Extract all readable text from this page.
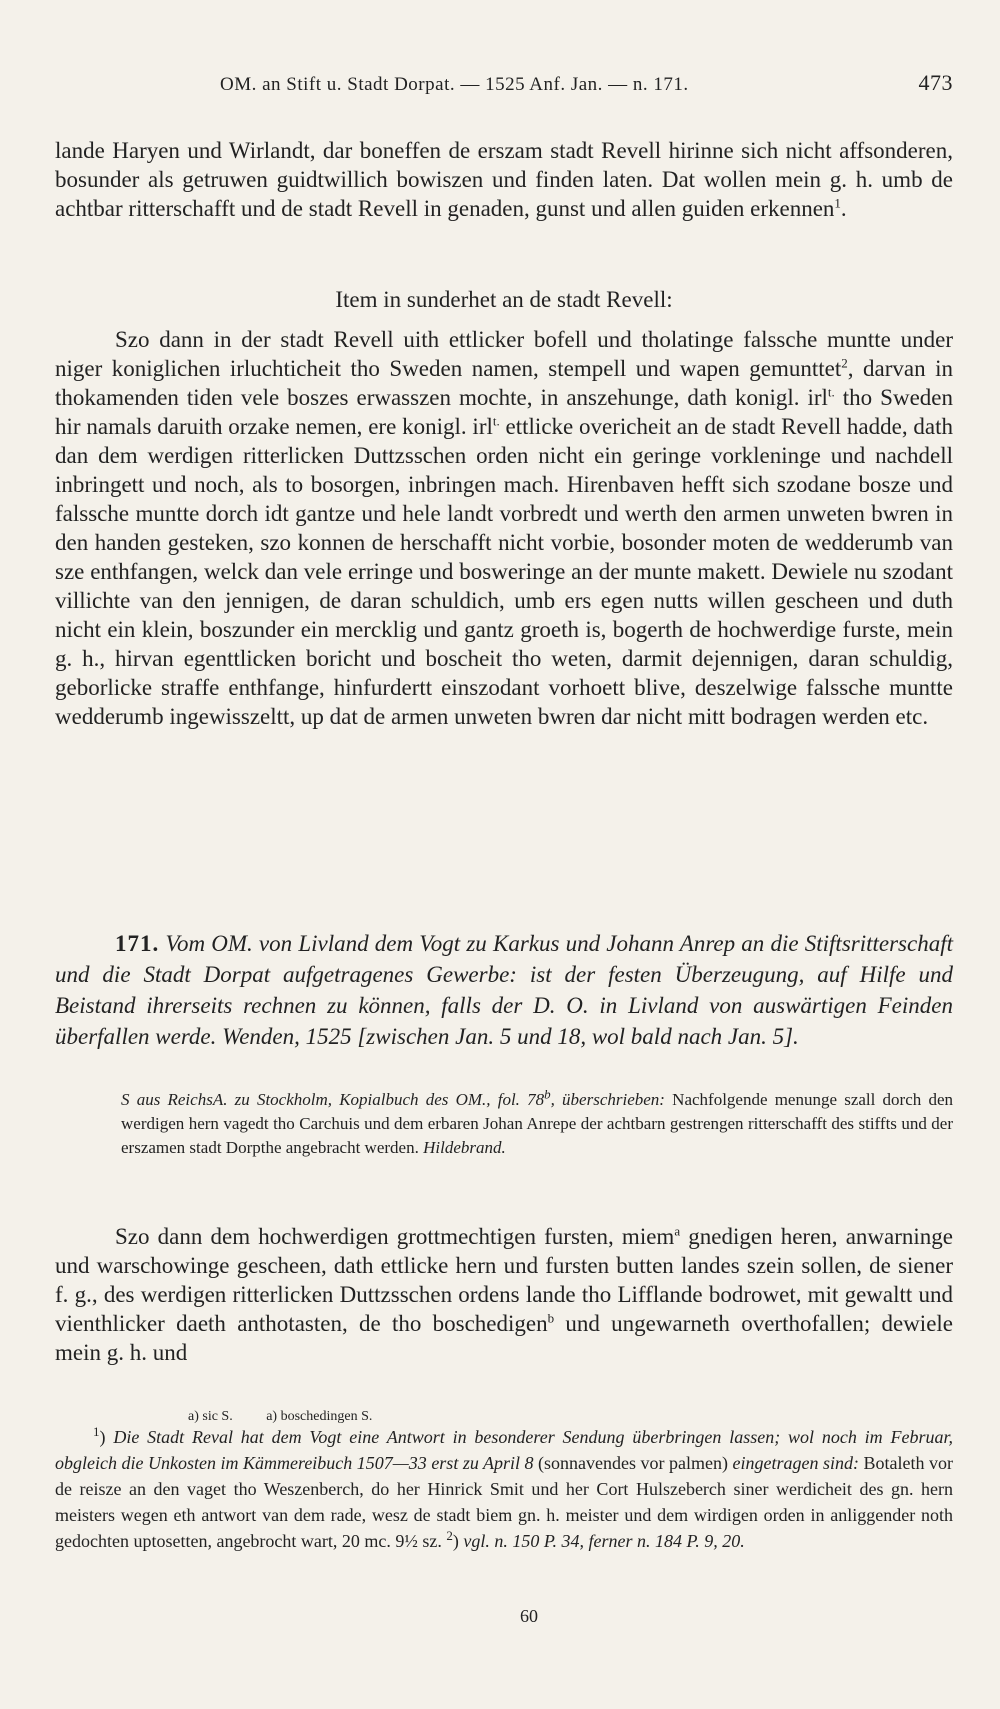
OM. an Stift u. Stadt Dorpat. — 1525 Anf. Jan. — n. 171.	473

lande Haryen und Wirlandt, dar boneffen de erszam stadt Revell hirinne sich nicht affsonderen, bosunder als getruwen guidtwillich bowiszen und finden laten. Dat wollen mein g. h. umb de achtbar ritterschafft und de stadt Revell in genaden, gunst und allen guiden erkennen$^1$.

Item in sunderhet an de stadt Revell:

Szo dann in der stadt Revell uith ettlicker bofell und tholatinge falssche muntte under niger koniglichen irluchticheit tho Sweden namen, stempell und wapen gemunttet$^2$, darvan in thokamenden tiden vele boszes erwasszen mochte, in anszehunge, dath konigl. irl$^{t.}$ tho Sweden hir namals daruith orzake nemen, ere konigl. irl$^{t.}$ ettlicke overicheit an de stadt Revell hadde, dath dan dem werdigen ritterlicken Duttzsschen orden nicht ein geringe vorkleninge und nachdell inbringett und noch, als to bosorgen, inbringen mach. Hirenbaven hefft sich szodane bosze und falssche muntte dorch idt gantze und hele landt vorbredt und werth den armen unweten bwren in den handen gesteken, szo konnen de herschafft nicht vorbie, bosonder moten de wedderumb van sze enthfangen, welck dan vele erringe und bosweringe an der munte makett. Dewiele nu szodant villichte van den jennigen, de daran schuldich, umb ers egen nutts willen gescheen und duth nicht ein klein, boszunder ein mercklig und gantz groeth is, bogerth de hochwerdige furste, mein g. h., hirvan egenttlicken boricht und boscheit tho weten, darmit dejennigen, daran schuldig, geborlicke straffe enthfange, hinfurdertt einszodant vorhoett blive, deszelwige falssche muntte wedderumb ingewisszeltt, up dat de armen unweten bwren dar nicht mitt bodragen werden etc.

171. Vom OM. von Livland dem Vogt zu Karkus und Johann Anrep an die Stiftsritterschaft und die Stadt Dorpat aufgetragenes Gewerbe: ist der festen Überzeugung, auf Hilfe und Beistand ihrerseits rechnen zu können, falls der D. O. in Livland von auswärtigen Feinden überfallen werde. Wenden, 1525 [zwischen Jan. 5 und 18, wol bald nach Jan. 5].

S aus ReichsA. zu Stockholm, Kopialbuch des OM., fol. 78$^b$, überschrieben: Nachfolgende menunge szall dorch den werdigen hern vagedt tho Carchuis und dem erbaren Johan Anrepe der achtbarn gestrengen ritterschafft des stiffts und der erszamen stadt Dorpthe angebracht werden. Hildebrand.

Szo dann dem hochwerdigen grottmechtigen fursten, miem$^a$ gnedigen heren, anwarninge und warschowinge gescheen, dath ettlicke hern und fursten butten landes szein sollen, de siener f. g., des werdigen ritterlicken Duttzsschen ordens lande tho Lifflande bodrowet, mit gewaltt und vienthlicker daeth anthotasten, de tho boschedigen$^b$ und ungewarneth overthofallen; dewiele mein g. h. und

a) sic S. a) boschedingen S.

$^1$) Die Stadt Reval hat dem Vogt eine Antwort in besonderer Sendung überbringen lassen; wol noch im Februar, obgleich die Unkosten im Kämmereibuch 1507—33 erst zu April 8 (sonnavendes vor palmen) eingetragen sind: Botaleth vor de reisze an den vaget tho Weszenberch, do her Hinrick Smit und her Cort Hulszeberch siner werdicheit des gn. hern meisters wegen eth antwort van dem rade, wesz de stadt biem gn. h. meister und dem wirdigen orden in anliggender noth gedochten uptosetten, angebrocht wart, 20 mc. 9½ sz. $^2$) vgl. n. 150 P. 34, ferner n. 184 P. 9, 20.

60
